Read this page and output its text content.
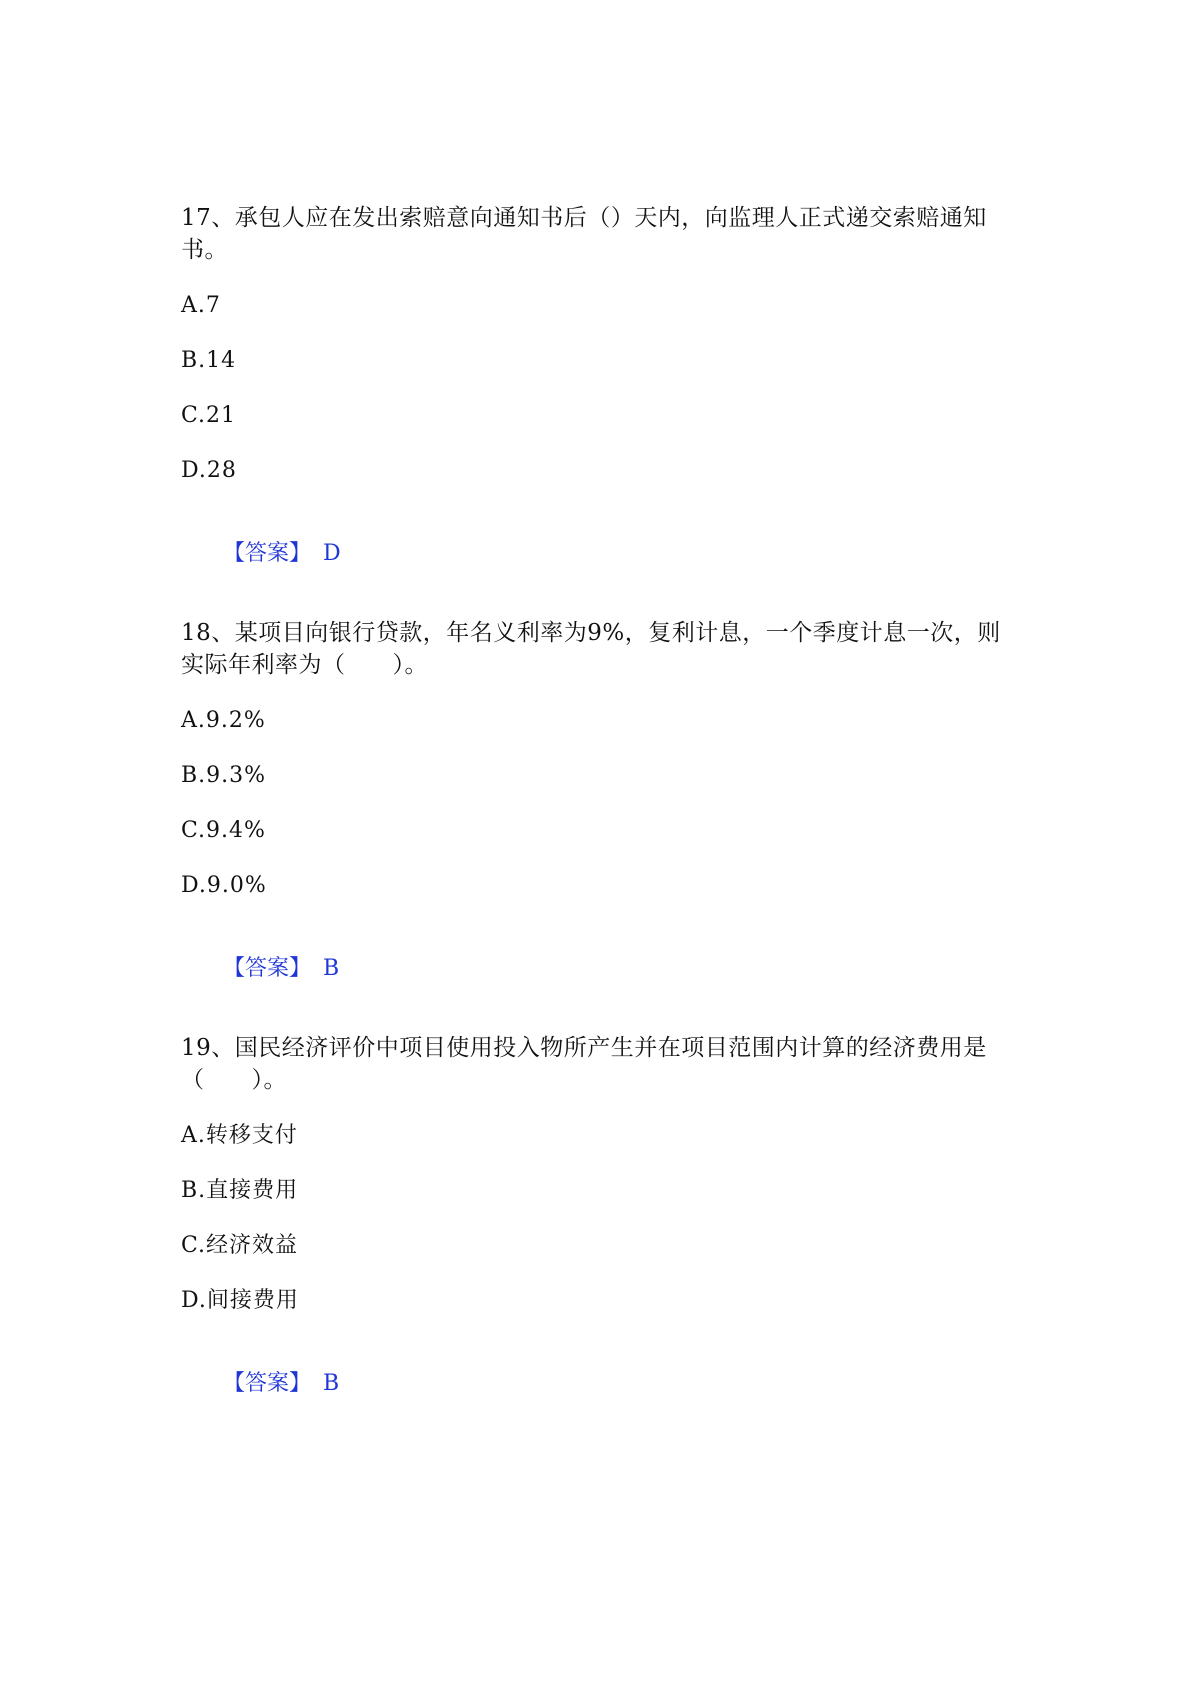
17、承包人应在发出索赔意向通知书后（）天内，向监理人正式递交索赔通知书。

A.7

B.14

C.21

D.28

【答案】 D

18、某项目向银行贷款，年名义利率为9%，复利计息，一个季度计息一次，则实际年利率为（　　）。

A.9.2%

B.9.3%

C.9.4%

D.9.0%

【答案】 B

19、国民经济评价中项目使用投入物所产生并在项目范围内计算的经济费用是（　　）。

A.转移支付

B.直接费用

C.经济效益

D.间接费用

【答案】 B
